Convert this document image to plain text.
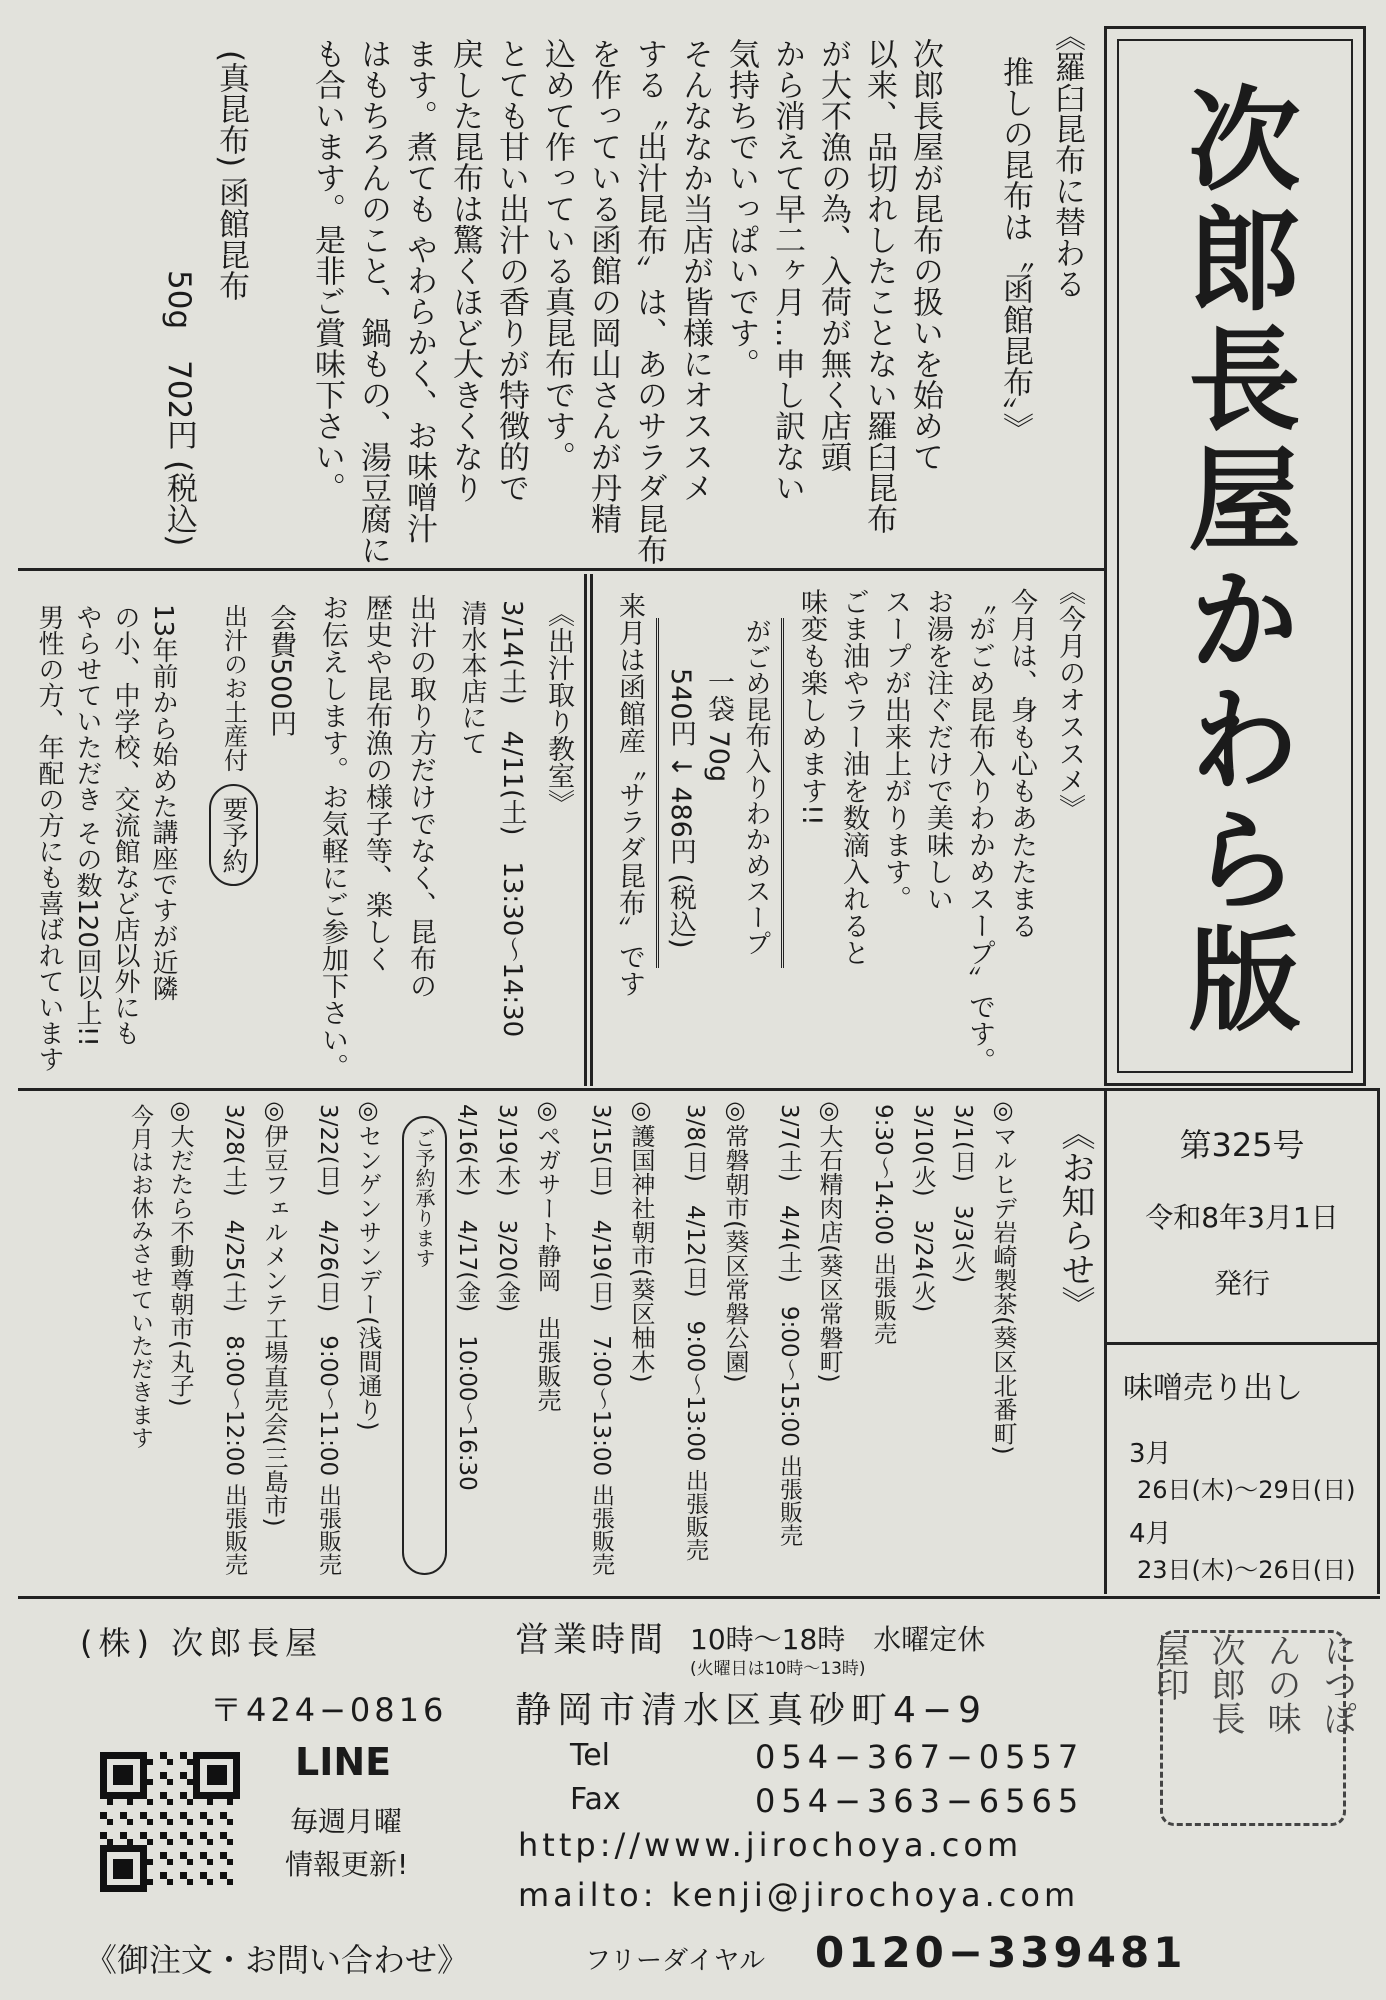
《羅臼昆布に替わる
推しの昆布は〝函館昆布〟》
次郎長屋が昆布の扱いを始めて
以来、品切れしたことない羅臼昆布
が大不漁の為、入荷が無く店頭
から消えて早二ヶ月…申し訳ない
気持ちでいっぱいです。
そんななか当店が皆様にオススメ
する〝出汁昆布〟は、あのサラダ昆布
を作っている函館の岡山さんが丹精
込めて作っている真昆布です。
とても甘い出汁の香りが特徴的で
戻した昆布は驚くほど大きくなり
ます。煮ても やわらかく、お味噌汁
はもちろんのこと、鍋もの、湯豆腐に
も合います。是非ご賞味下さい。
(真昆布) 函館昆布
50g　702円 (税込)	次郎長屋かわら版
《今月のオススメ》
今月は、身も心もあたたまる
〝がごめ昆布入りわかめスープ〟です。
お湯を注ぐだけで美味しい
スープが出来上がります。
ごま油やラー油を数滴入れると
味変も楽しめます!!
がごめ昆布入りわかめスープ
一袋 70g
540円 ↓ 486円 (税込)
来月は函館産〝サラダ昆布〟です
《出汁取り教室》
3/14(土)　4/11(土)　13:30〜14:30 清水本店にて
出汁の取り方だけでなく、昆布の
歴史や昆布漁の様子等、楽しく
お伝えします。お気軽にご参加下さい。
会費500円
出汁のお土産付
要予約
13年前から始めた講座ですが近隣
の小、中学校、交流館など店以外にも
やらせていただき その数120回以上!!
男性の方、年配の方にも喜ばれています
《お知らせ》
◎マルヒデ岩崎製茶(葵区北番町)
3/1(日)　3/3(火)
3/10(火)　3/24(火)
9:30〜14:00 出張販売
◎大石精肉店(葵区常磐町)
3/7(土)　4/4(土)　9:00〜15:00 出張販売
◎常磐朝市(葵区常磐公園)
3/8(日)　4/12(日)　9:00〜13:00 出張販売
◎護国神社朝市(葵区柚木)
3/15(日)　4/19(日)　7:00〜13:00 出張販売
◎ペガサート静岡　出張販売
3/19(木)　3/20(金)
4/16(木)　4/17(金)　10:00〜16:30
ご予約承ります
◎センゲンサンデー(浅間通り)
3/22(日)　4/26(日)　9:00〜11:00 出張販売
◎伊豆フェルメンテ工場直売会(三島市)
3/28(土)　4/25(土)　8:00〜12:00 出張販売
◎大だたら不動尊朝市(丸子)
今月はお休みさせていただきます	第325号
令和8年3月1日
発行
味噌売り出し
3月
26日(木)〜29日(日)
4月
23日(木)〜26日(日)
(株) 次郎長屋	営業時間 10時〜18時　水曜定休
(火曜日は10時〜13時)
〒424−0816 静岡市清水区真砂町4−9
LINE
毎週月曜
情報更新!
Tel	054−367−0557
Fax	054−363−6565
http://www.jirochoya.com
mailto: kenji@jirochoya.com
《御注文・お問い合わせ》	フリーダイヤル 0120−339481
につぽ
んの味
次郎長
屋印
